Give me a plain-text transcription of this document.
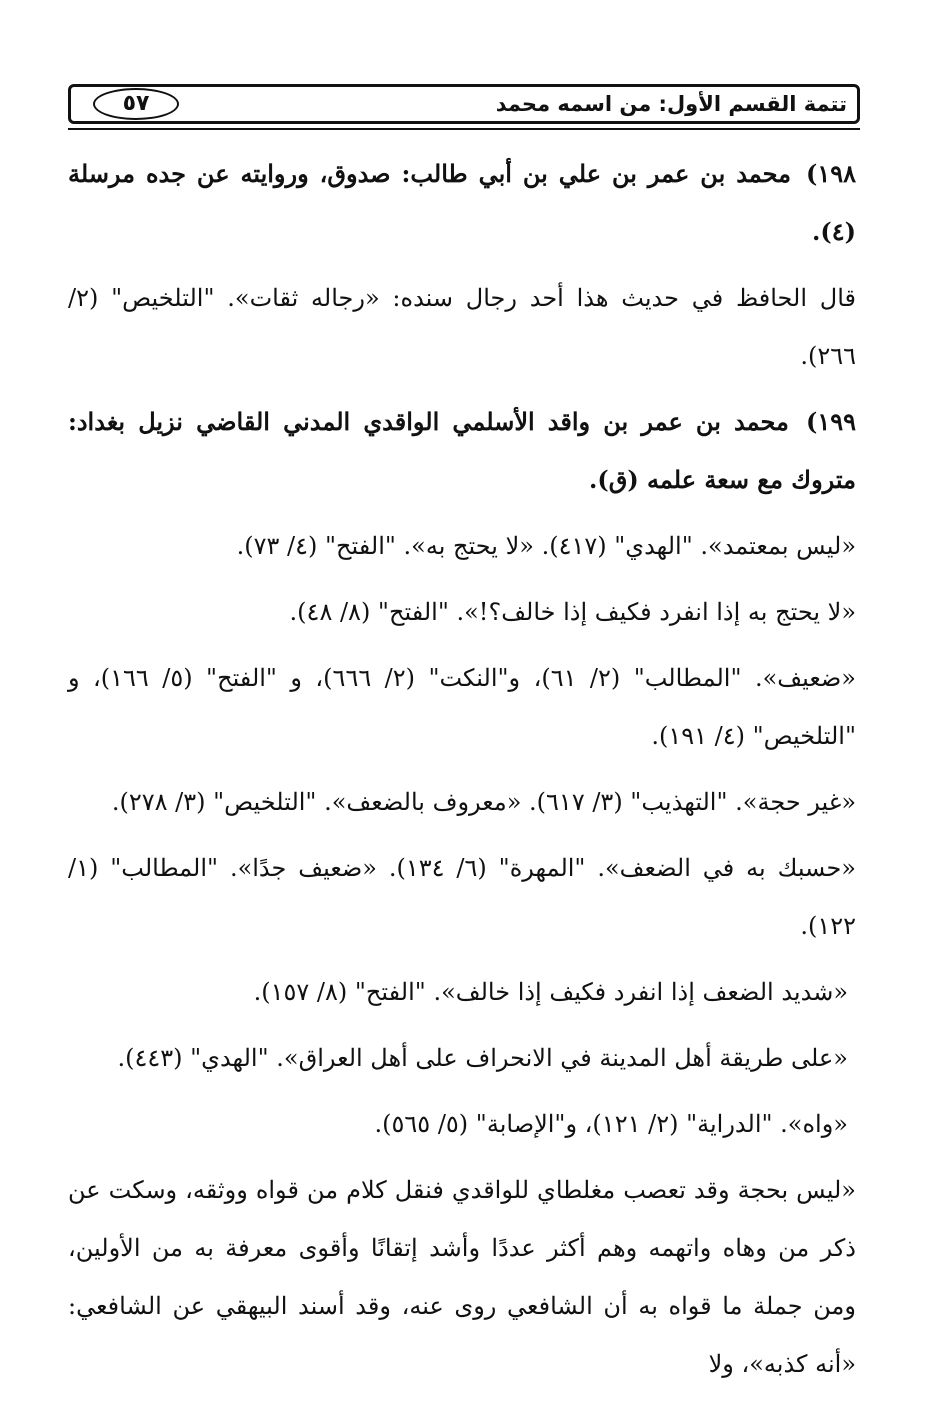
تتمة القسم الأول: من اسمه محمد
٥٧

١٩٨) محمد بن عمر بن علي بن أبي طالب: صدوق، وروايته عن جده مرسلة (٤).

قال الحافظ في حديث هذا أحد رجال سنده: «رجاله ثقات». "التلخيص" (٢/ ٢٦٦).

١٩٩) محمد بن عمر بن واقد الأسلمي الواقدي المدني القاضي نزيل بغداد: متروك مع سعة علمه (ق).

«ليس بمعتمد». "الهدي" (٤١٧). «لا يحتج به». "الفتح" (٤/ ٧٣).

«لا يحتج به إذا انفرد فكيف إذا خالف؟!». "الفتح" (٨/ ٤٨).

«ضعيف». "المطالب" (٢/ ٦١)، و"النكت" (٢/ ٦٦٦)، و "الفتح" (٥/ ١٦٦)، و "التلخيص" (٤/ ١٩١).

«غير حجة». "التهذيب" (٣/ ٦١٧). «معروف بالضعف». "التلخيص" (٣/ ٢٧٨).

«حسبك به في الضعف». "المهرة" (٦/ ١٣٤). «ضعيف جدًا». "المطالب" (١/ ١٢٢).

«شديد الضعف إذا انفرد فكيف إذا خالف». "الفتح" (٨/ ١٥٧).

«على طريقة أهل المدينة في الانحراف على أهل العراق». "الهدي" (٤٤٣).

«واه». "الدراية" (٢/ ١٢١)، و"الإصابة" (٥/ ٥٦٥).

«ليس بحجة وقد تعصب مغلطاي للواقدي فنقل كلام من قواه ووثقه، وسكت عن ذكر من وهاه واتهمه وهم أكثر عددًا وأشد إتقانًا وأقوى معرفة به من الأولين، ومن جملة ما قواه به أن الشافعي روى عنه، وقد أسند البيهقي عن الشافعي: «أنه كذبه»، ولا
